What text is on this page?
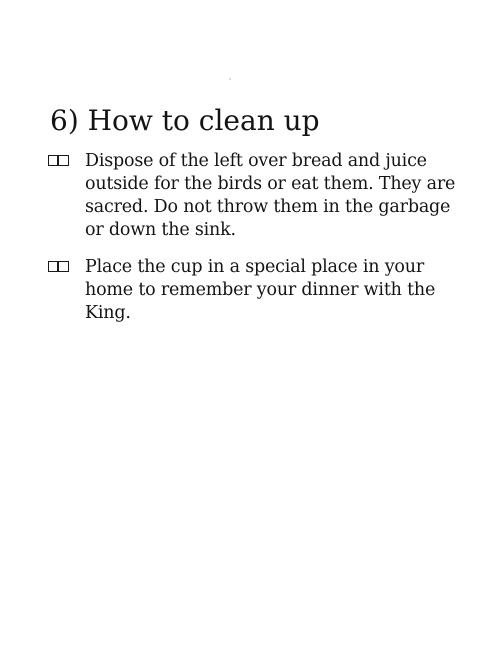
6) How to clean up
Dispose of the left over bread and juice outside for the birds or eat them. They are sacred. Do not throw them in the garbage or down the sink.
Place the cup in a special place in your home to remember your dinner with the King.
